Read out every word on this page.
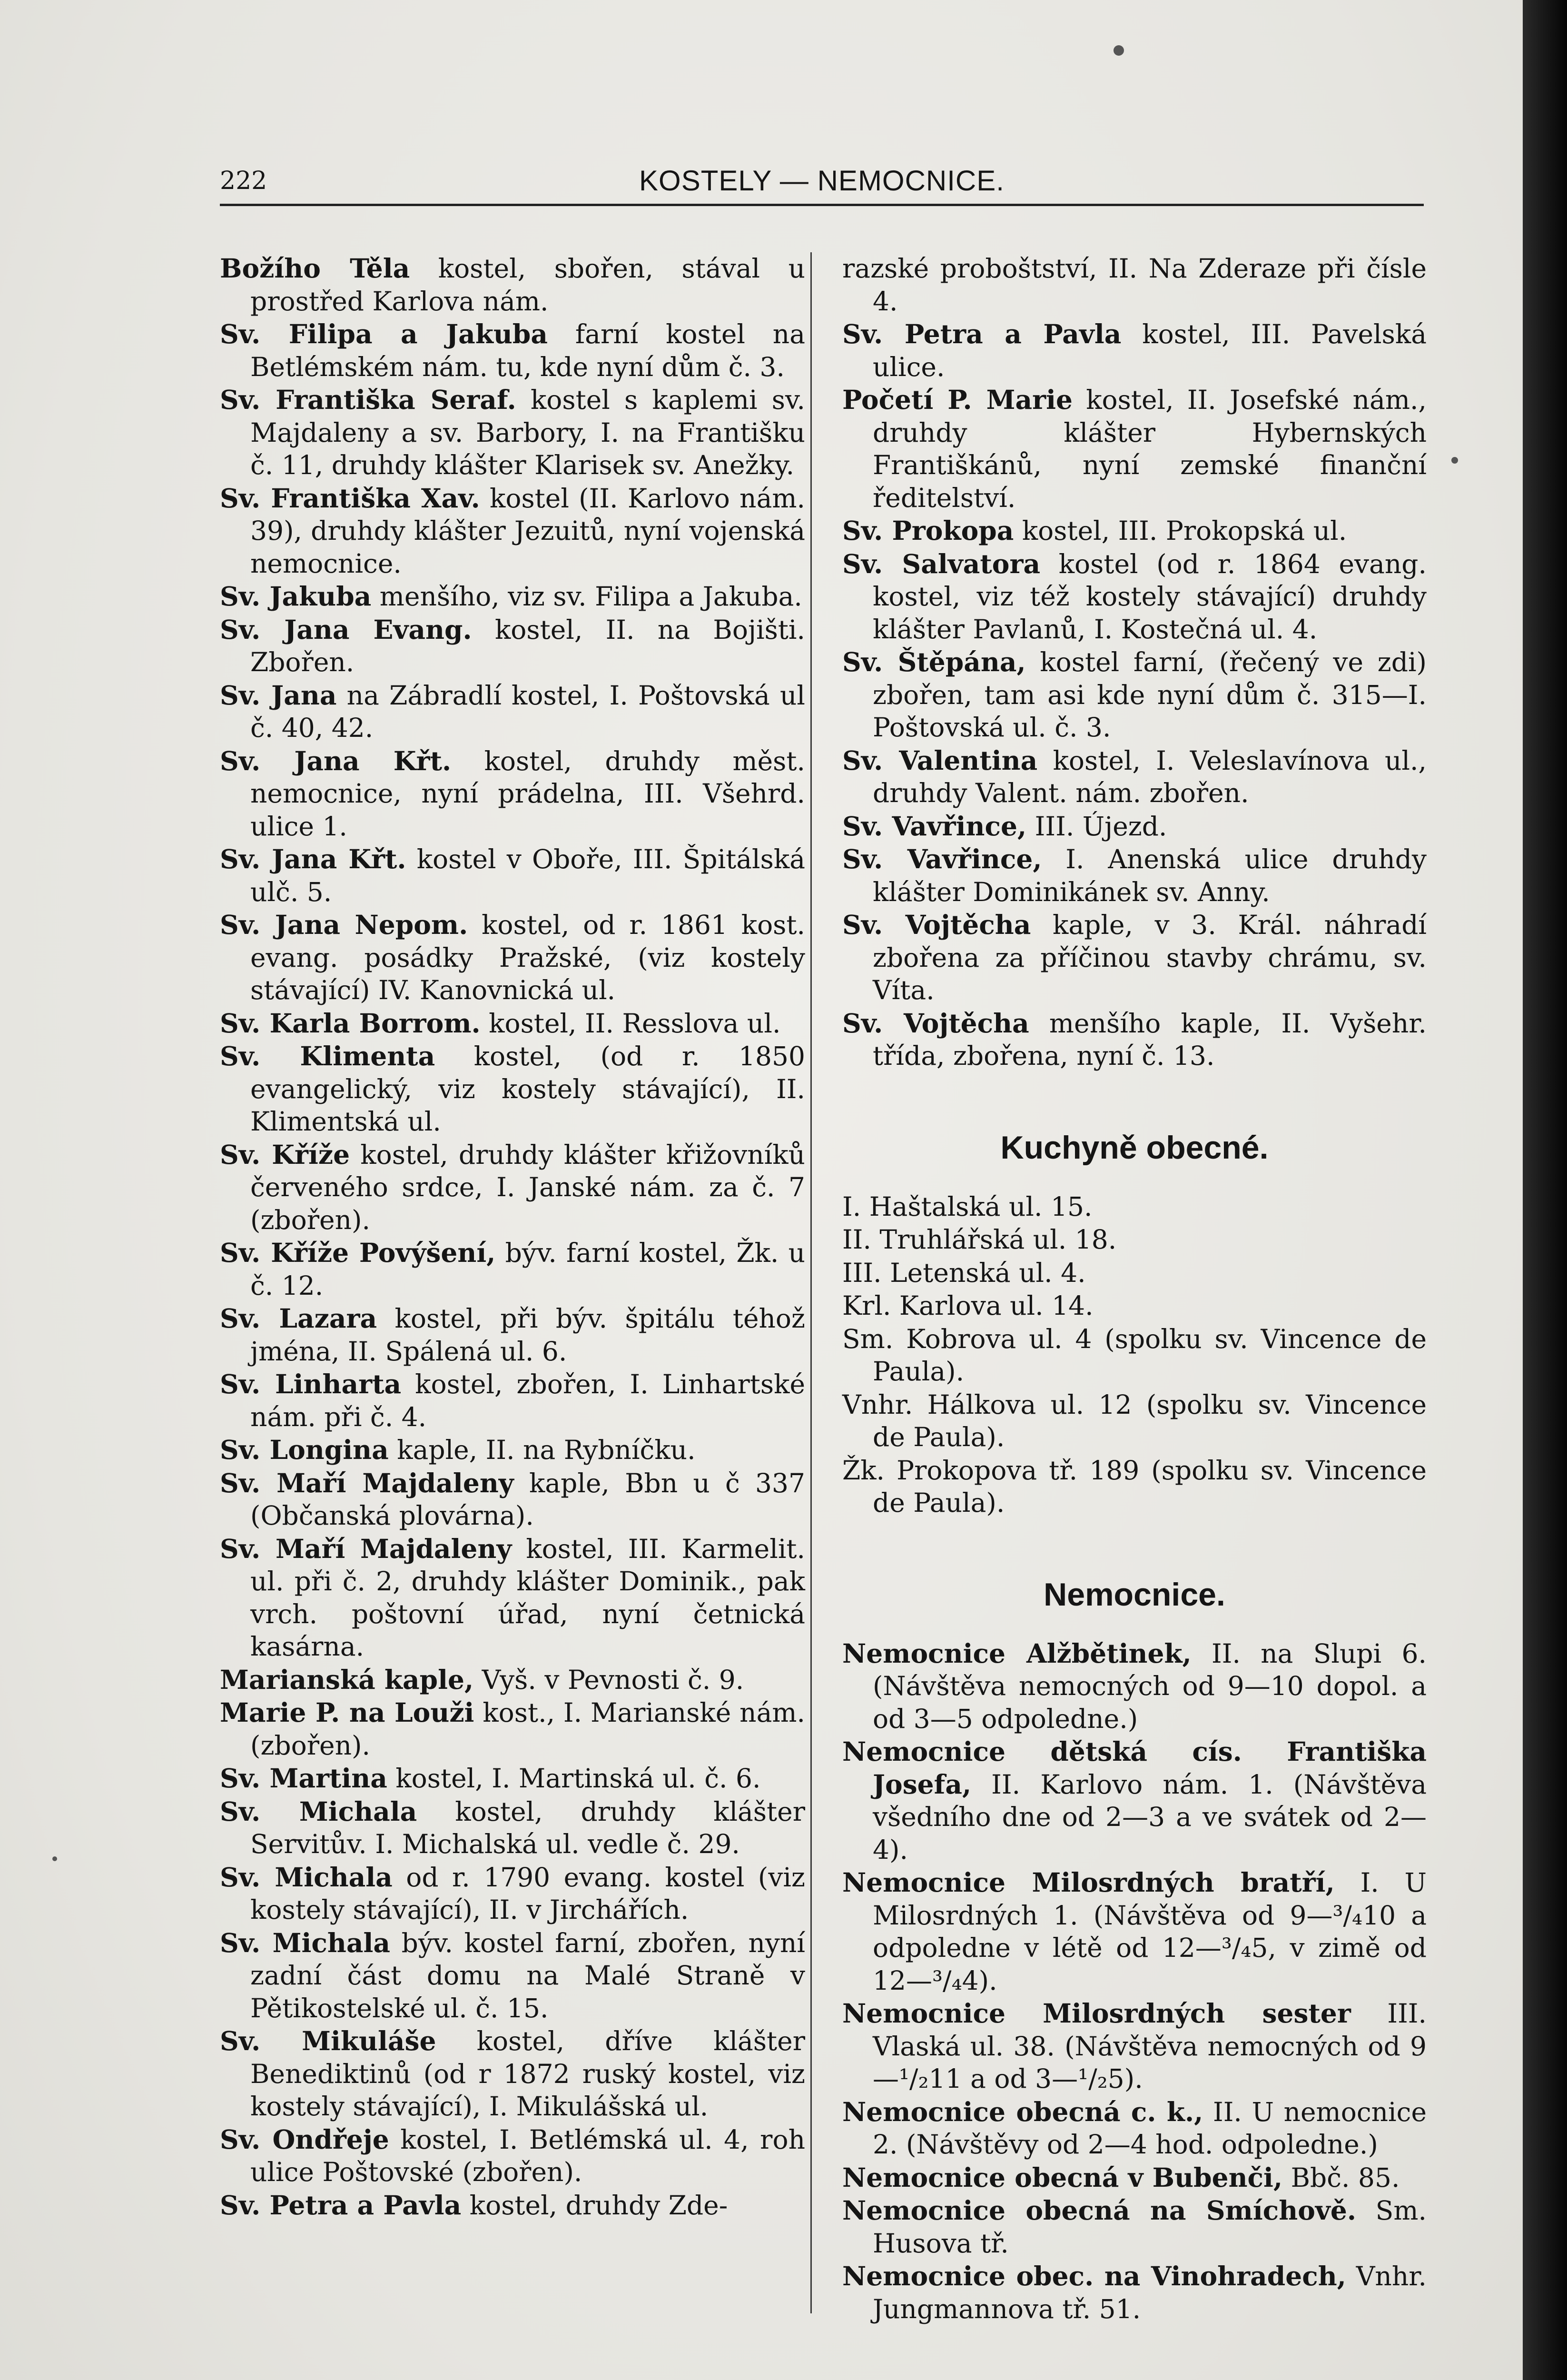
222	KOSTELY — NEMOCNICE.
Božího Těla kostel, sbořen, stával u prostřed Karlova nám.
Sv. Filipa a Jakuba farní kostel na Betlémském nám. tu, kde nyní dům č. 3.
Sv. Františka Seraf. kostel s kaplemi sv. Majdaleny a sv. Barbory, I. na Františku č. 11, druhdy klášter Klarisek sv. Anežky.
Sv. Františka Xav. kostel (II. Karlovo nám. 39), druhdy klášter Jezuitů, nyní vojenská nemocnice.
Sv. Jakuba menšího, viz sv. Filipa a Jakuba.
Sv. Jana Evang. kostel, II. na Bojišti. Zbořen.
Sv. Jana na Zábradlí kostel, I. Poštovská ul č. 40, 42.
Sv. Jana Křt. kostel, druhdy měst. nemocnice, nyní prádelna, III. Všehrd. ulice 1.
Sv. Jana Křt. kostel v Oboře, III. Špitálská ulč. 5.
Sv. Jana Nepom. kostel, od r. 1861 kost. evang. posádky Pražské, (viz kostely stávající) IV. Kanovnická ul.
Sv. Karla Borrom. kostel, II. Resslova ul.
Sv. Klimenta kostel, (od r. 1850 evangelický, viz kostely stávající), II. Klimentská ul.
Sv. Kříže kostel, druhdy klášter křižovníků červeného srdce, I. Janské nám. za č. 7 (zbořen).
Sv. Kříže Povýšení, býv. farní kostel, Žk. u č. 12.
Sv. Lazara kostel, při býv. špitálu téhož jména, II. Spálená ul. 6.
Sv. Linharta kostel, zbořen, I. Linhartské nám. při č. 4.
Sv. Longina kaple, II. na Rybníčku.
Sv. Maří Majdaleny kaple, Bbn u č 337 (Občanská plovárna).
Sv. Maří Majdaleny kostel, III. Karmelit. ul. při č. 2, druhdy klášter Dominik., pak vrch. poštovní úřad, nyní četnická kasárna.
Marianská kaple, Vyš. v Pevnosti č. 9.
Marie P. na Louži kost., I. Marianské nám. (zbořen).
Sv. Martina kostel, I. Martinská ul. č. 6.
Sv. Michala kostel, druhdy klášter Servitův. I. Michalská ul. vedle č. 29.
Sv. Michala od r. 1790 evang. kostel (viz kostely stávající), II. v Jirchářích.
Sv. Michala býv. kostel farní, zbořen, nyní zadní část domu na Malé Straně v Pětikostelské ul. č. 15.
Sv. Mikuláše kostel, dříve klášter Benediktinů (od r 1872 ruský kostel, viz kostely stávající), I. Mikulášská ul.
Sv. Ondřeje kostel, I. Betlémská ul. 4, roh ulice Poštovské (zbořen).
Sv. Petra a Pavla kostel, druhdy Zde-
razské proboštství, II. Na Zderaze při čísle 4.
Sv. Petra a Pavla kostel, III. Pavelská ulice.
Početí P. Marie kostel, II. Josefské nám., druhdy klášter Hybernských Františkánů, nyní zemské finanční ředitelství.
Sv. Prokopa kostel, III. Prokopská ul.
Sv. Salvatora kostel (od r. 1864 evang. kostel, viz též kostely stávající) druhdy klášter Pavlanů, I. Kostečná ul. 4.
Sv. Štěpána, kostel farní, (řečený ve zdi) zbořen, tam asi kde nyní dům č. 315—I. Poštovská ul. č. 3.
Sv. Valentina kostel, I. Veleslavínova ul., druhdy Valent. nám. zbořen.
Sv. Vavřince, III. Újezd.
Sv. Vavřince, I. Anenská ulice druhdy klášter Dominikánek sv. Anny.
Sv. Vojtěcha kaple, v 3. Král. náhradí zbořena za příčinou stavby chrámu, sv. Víta.
Sv. Vojtěcha menšího kaple, II. Vyšehr. třída, zbořena, nyní č. 13.
Kuchyně obecné.
I. Haštalská ul. 15.
II. Truhlářská ul. 18.
III. Letenská ul. 4.
Krl. Karlova ul. 14.
Sm. Kobrova ul. 4 (spolku sv. Vincence de Paula).
Vnhr. Hálkova ul. 12 (spolku sv. Vincence de Paula).
Žk. Prokopova tř. 189 (spolku sv. Vincence de Paula).
Nemocnice.
Nemocnice Alžbětinek, II. na Slupi 6. (Návštěva nemocných od 9—10 dopol. a od 3—5 odpoledne.)
Nemocnice dětská cís. Františka Josefa, II. Karlovo nám. 1. (Návštěva všedního dne od 2—3 a ve svátek od 2—4).
Nemocnice Milosrdných bratří, I. U Milosrdných 1. (Návštěva od 9—³/₄10 a odpoledne v létě od 12—³/₄5, v zimě od 12—³/₄4).
Nemocnice Milosrdných sester III. Vlaská ul. 38. (Návštěva nemocných od 9—¹/₂11 a od 3—¹/₂5).
Nemocnice obecná c. k., II. U nemocnice 2. (Návštěvy od 2—4 hod. odpoledne.)
Nemocnice obecná v Bubenči, Bbč. 85.
Nemocnice obecná na Smíchově. Sm. Husova tř.
Nemocnice obec. na Vinohradech, Vnhr. Jungmannova tř. 51.
